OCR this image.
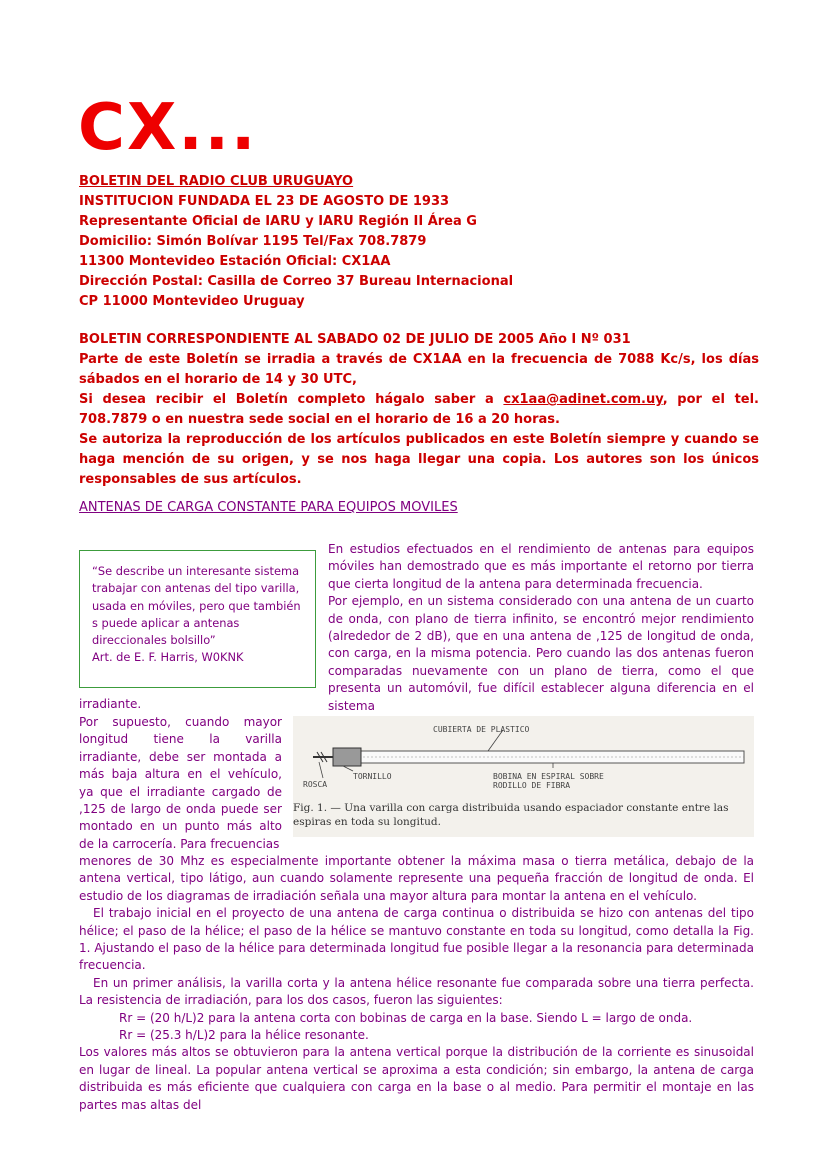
CX...
BOLETIN DEL RADIO CLUB URUGUAYO
INSTITUCION FUNDADA EL 23 DE AGOSTO DE 1933
Representante Oficial de IARU y IARU Región II Área G
Domicilio: Simón Bolívar 1195 Tel/Fax 708.7879
11300 Montevideo Estación Oficial: CX1AA
Dirección Postal: Casilla de Correo 37 Bureau Internacional
CP 11000 Montevideo Uruguay
BOLETIN CORRESPONDIENTE AL SABADO 02 DE JULIO DE 2005 Año I Nº 031
Parte de este Boletín se irradia a través de CX1AA en la frecuencia de 7088 Kc/s, los días sábados en el horario de 14 y 30 UTC,
Si desea recibir el Boletín completo hágalo saber a cx1aa@adinet.com.uy, por el tel. 708.7879 o en nuestra sede social en el horario de 16 a 20 horas.
Se autoriza la reproducción de los artículos publicados en este Boletín siempre y cuando se haga mención de su origen, y se nos haga llegar una copia. Los autores son los únicos responsables de sus artículos.
ANTENAS DE CARGA CONSTANTE PARA EQUIPOS MOVILES
“Se describe un interesante sistema trabajar con antenas del tipo varilla, usada en móviles, pero que también s puede aplicar a antenas direccionales bolsillo”
Art. de E. F. Harris, W0KNK
En estudios efectuados en el rendimiento de antenas para equipos móviles han demostrado que es más importante el retorno por tierra que cierta longitud de la antena para determinada frecuencia.
Por ejemplo, en un sistema considerado con una antena de un cuarto de onda, con plano de tierra infinito, se encontró mejor rendimiento (alrededor de 2 dB), que en una antena de ,125 de longitud de onda, con carga, en la misma potencia. Pero cuando las dos antenas fueron comparadas nuevamente con un plano de tierra, como el que presenta un automóvil, fue difícil establecer alguna diferencia en el sistema
irradiante.
Por supuesto, cuando mayor longitud tiene la varilla irradiante, debe ser montada a más baja altura en el vehículo, ya que el irradiante cargado de ,125 de largo de onda puede ser montado en un punto más alto de la carrocería. Para frecuencias
CUBIERTA DE PLASTICO
TORNILLO
ROSCA
BOBINA EN ESPIRAL SOBRE
RODILLO DE FIBRA
Fig. 1. — Una varilla con carga distribuida usando espaciador constante entre las espiras en toda su longitud.
menores de 30 Mhz es especialmente importante obtener la máxima masa o tierra metálica, debajo de la antena vertical, tipo látigo, aun cuando solamente represente una pequeña fracción de longitud de onda. El estudio de los diagramas de irradiación señala una mayor altura para montar la antena en el vehículo.
El trabajo inicial en el proyecto de una antena de carga continua o distribuida se hizo con antenas del tipo hélice; el paso de la hélice; el paso de la hélice se mantuvo constante en toda su longitud, como detalla la Fig. 1. Ajustando el paso de la hélice para determinada longitud fue posible llegar a la resonancia para determinada frecuencia.
En un primer análisis, la varilla corta y la antena hélice resonante fue comparada sobre una tierra perfecta. La resistencia de irradiación, para los dos casos, fueron las siguientes:
Rr = (20 h/L)2 para la antena corta con bobinas de carga en la base. Siendo L = largo de onda.
Rr = (25.3 h/L)2 para la hélice resonante.
Los valores más altos se obtuvieron para la antena vertical porque la distribución de la corriente es sinusoidal en lugar de lineal. La popular antena vertical se aproxima a esta condición; sin embargo, la antena de carga distribuida es más eficiente que cualquiera con carga en la base o al medio. Para permitir el montaje en las partes mas altas del
